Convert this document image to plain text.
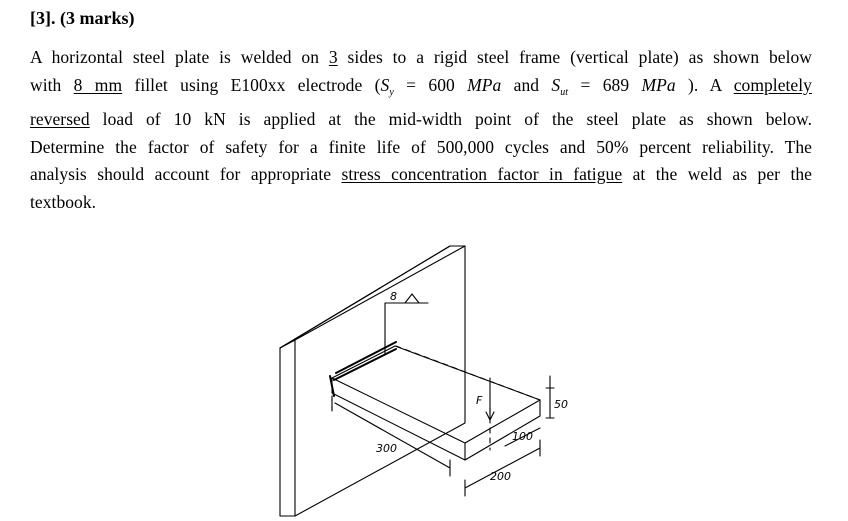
[3]. (3 marks)
A horizontal steel plate is welded on 3 sides to a rigid steel frame (vertical plate) as shown below
with 8 mm fillet using E100xx electrode ($S_y = 600$ MPa and $S_{ut} = 689$ MPa ). A completely
reversed load of 10 kN is applied at the mid-width point of the steel plate as shown below.
Determine the factor of safety for a finite life of 500,000 cycles and 50% percent reliability. The
analysis should account for appropriate stress concentration factor in fatigue at the weld as per the
textbook.
8
F	50
100
300
200
